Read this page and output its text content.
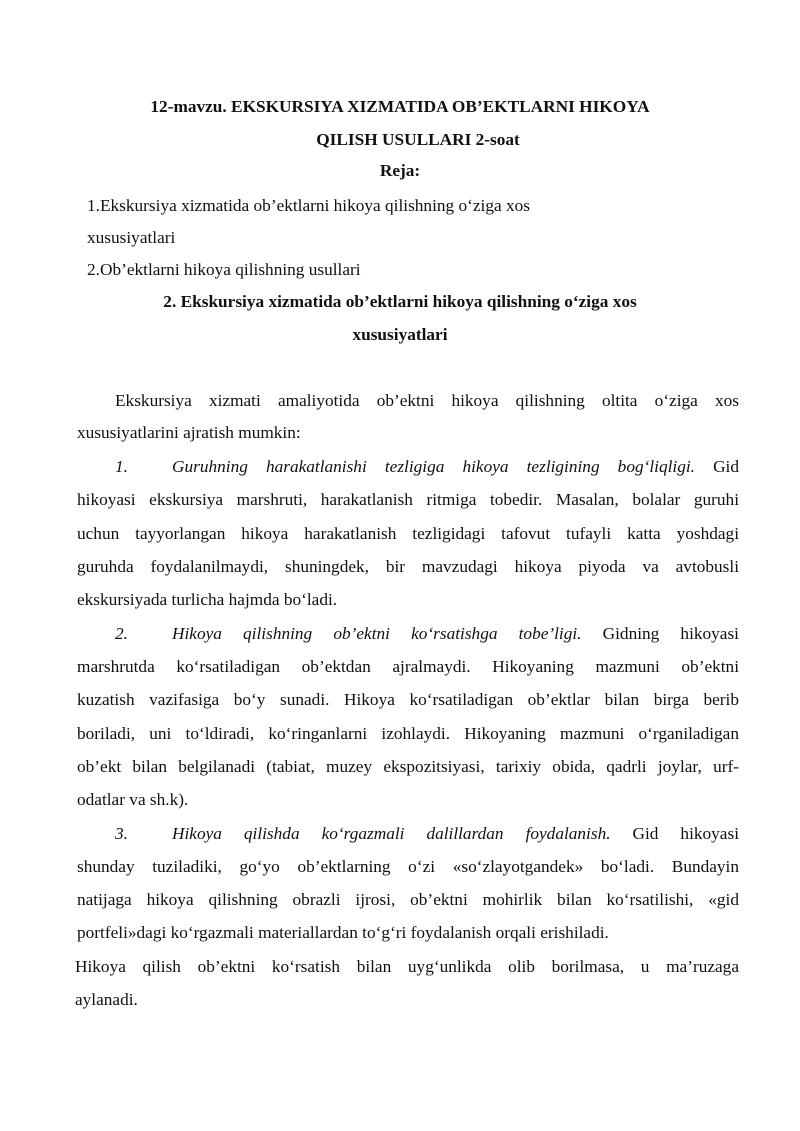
12-mavzu. EKSKURSIYA XIZMATIDA OB’EKTLARNI HIKOYA
QILISH USULLARI 2-soat
Reja:
1.Ekskursiya xizmatida ob’ektlarni hikoya qilishning o‘ziga xos
xususiyatlari
2.Ob’ektlarni hikoya qilishning usullari
2. Ekskursiya xizmatida ob’ektlarni hikoya qilishning o‘ziga xos
xususiyatlari
Ekskursiya xizmati amaliyotida ob’ektni hikoya qilishning oltita o‘ziga xos
xususiyatlarini ajratish mumkin:
1.	Guruhning harakatlanishi tezligiga hikoya tezligining bog‘liqligi. Gid
hikoyasi ekskursiya marshruti, harakatlanish ritmiga tobedir. Masalan, bolalar guruhi
uchun tayyorlangan hikoya harakatlanish tezligidagi tafovut tufayli katta yoshdagi
guruhda foydalanilmaydi, shuningdek, bir mavzudagi hikoya piyoda va avtobusli
ekskursiyada turlicha hajmda bo‘ladi.
2.	Hikoya qilishning ob’ektni ko‘rsatishga tobe’ligi. Gidning hikoyasi
marshrutda ko‘rsatiladigan ob’ektdan ajralmaydi. Hikoyaning mazmuni ob’ektni
kuzatish vazifasiga bo‘y sunadi. Hikoya ko‘rsatiladigan ob’ektlar bilan birga berib
boriladi, uni to‘ldiradi, ko‘ringanlarni izohlaydi. Hikoyaning mazmuni o‘rganiladigan
ob’ekt bilan belgilanadi (tabiat, muzey ekspozitsiyasi, tarixiy obida, qadrli joylar, urf-
odatlar va sh.k).
3.	Hikoya qilishda ko‘rgazmali dalillardan foydalanish. Gid hikoyasi
shunday tuziladiki, go‘yo ob’ektlarning o‘zi «so‘zlayotgandek» bo‘ladi. Bundayin
natijaga hikoya qilishning obrazli ijrosi, ob’ektni mohirlik bilan ko‘rsatilishi, «gid
portfeli»dagi ko‘rgazmali materiallardan to‘g‘ri foydalanish orqali erishiladi.
Hikoya qilish ob’ektni ko‘rsatish bilan uyg‘unlikda olib borilmasa, u ma’ruzaga
aylanadi.
